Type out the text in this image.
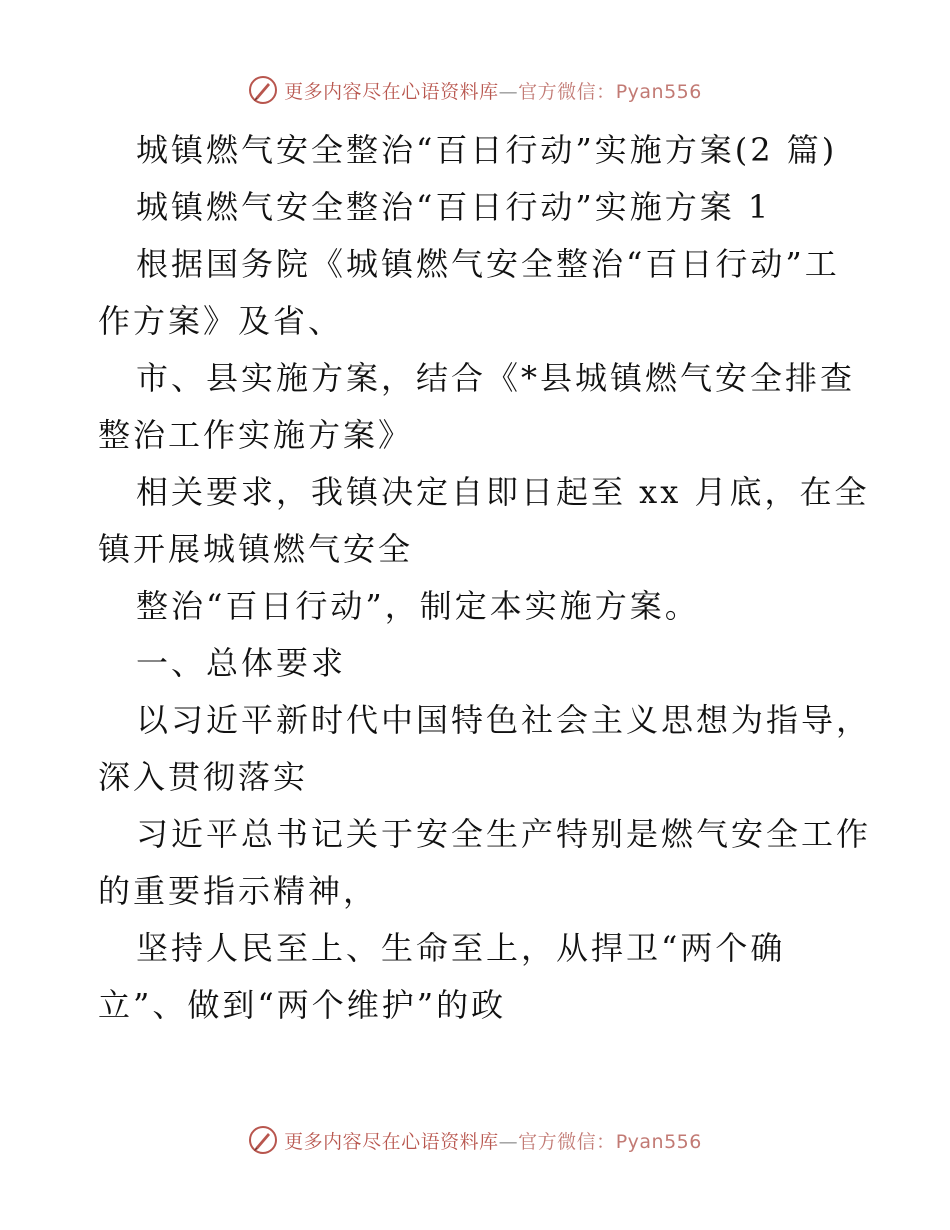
更多内容尽在心语资料库—官方微信：Pyan556
城镇燃气安全整治“百日行动”实施方案(2 篇)
城镇燃气安全整治“百日行动”实施方案 1
根据国务院《城镇燃气安全整治“百日行动”工
作方案》及省、
市、县实施方案，结合《*县城镇燃气安全排查
整治工作实施方案》
相关要求，我镇决定自即日起至 xx 月底，在全
镇开展城镇燃气安全
整治“百日行动”，制定本实施方案。
一、总体要求
以习近平新时代中国特色社会主义思想为指导，
深入贯彻落实
习近平总书记关于安全生产特别是燃气安全工作
的重要指示精神，
坚持人民至上、生命至上，从捍卫“两个确
立”、做到“两个维护”的政
更多内容尽在心语资料库—官方微信：Pyan556
